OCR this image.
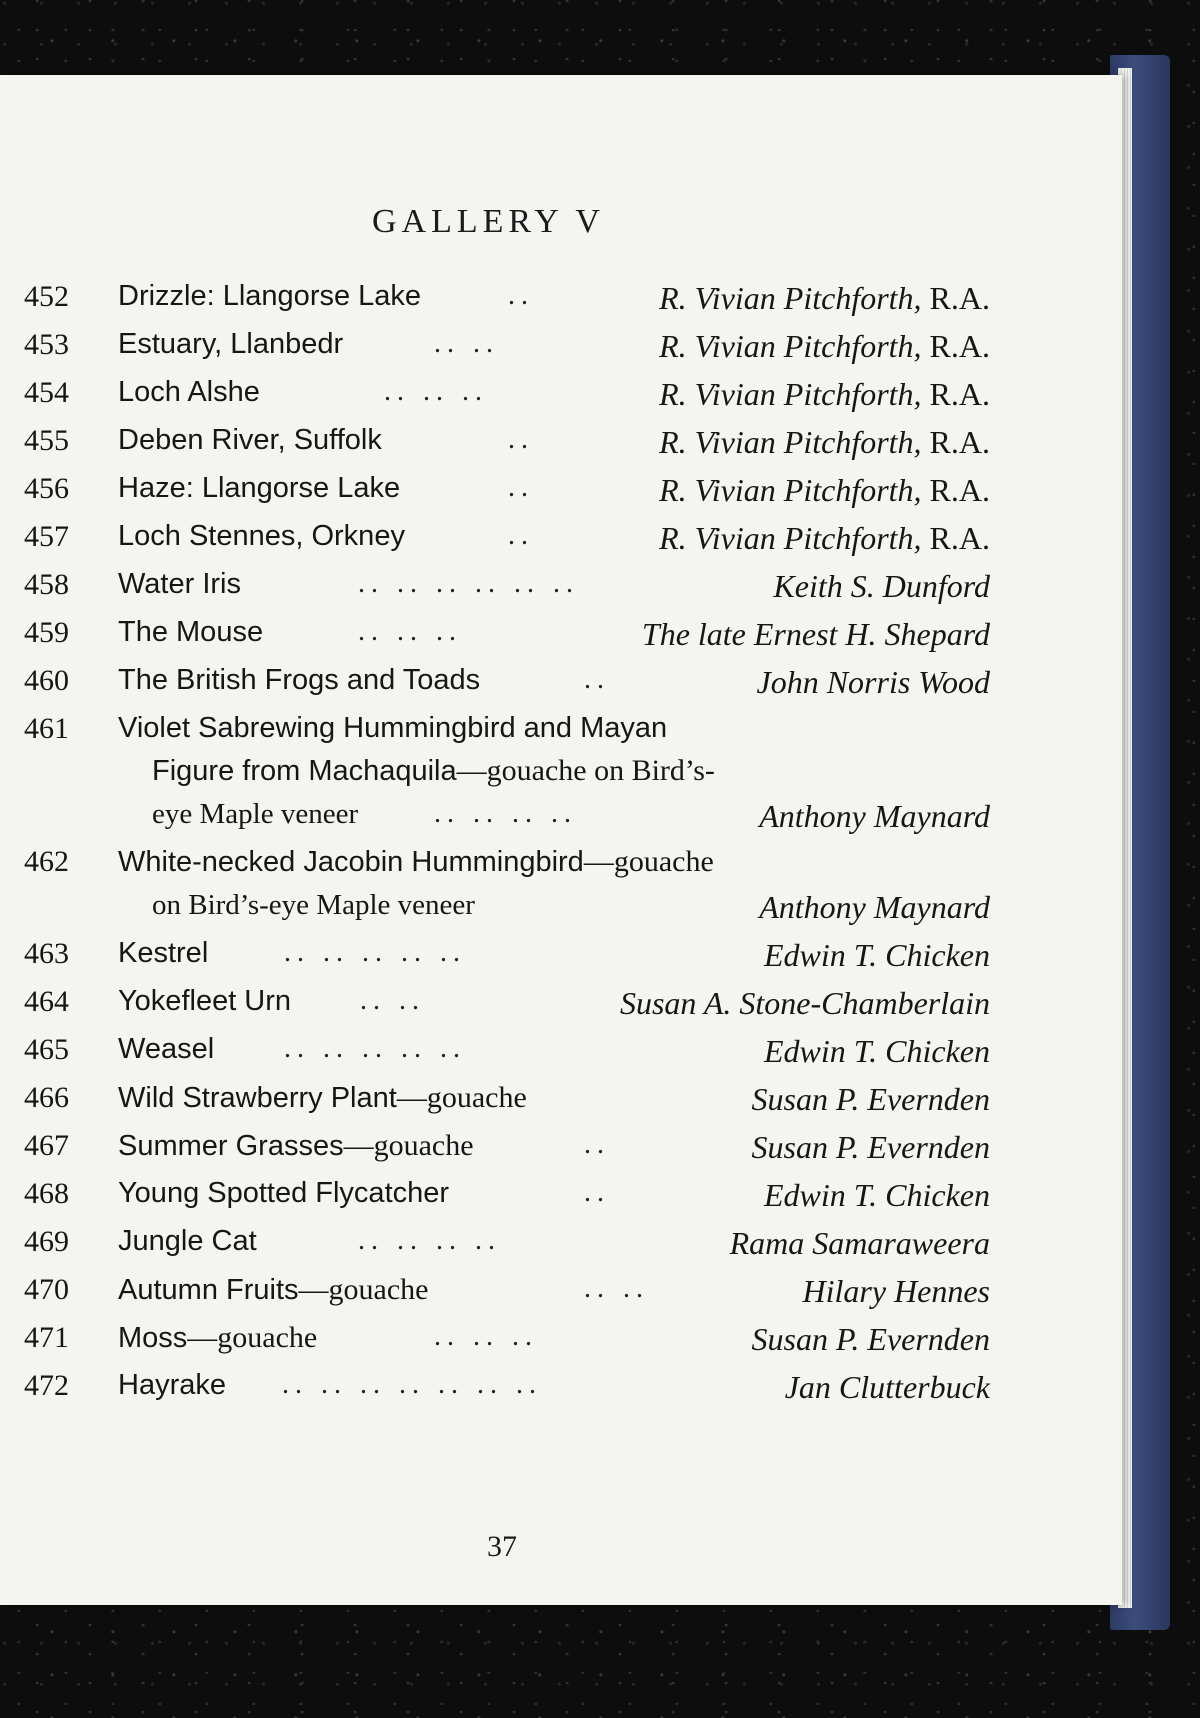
GALLERY V
452	Drizzle: Llangorse Lake	..	R. Vivian Pitchforth, R.A.
453	Estuary, Llanbedr	.. ..	R. Vivian Pitchforth, R.A.
454	Loch Alshe	.. .. ..	R. Vivian Pitchforth, R.A.
455	Deben River, Suffolk	..	R. Vivian Pitchforth, R.A.
456	Haze: Llangorse Lake	..	R. Vivian Pitchforth, R.A.
457	Loch Stennes, Orkney	..	R. Vivian Pitchforth, R.A.
458	Water Iris	.. .. .. .. .. ..	Keith S. Dunford
459	The Mouse	.. .. ..	The late Ernest H. Shepard
460	The British Frogs and Toads	..	John Norris Wood
461	Violet Sabrewing Hummingbird and Mayan
Figure from Machaquila—gouache on Bird’s-
eye Maple veneer	.. .. .. ..	Anthony Maynard
462	White-necked Jacobin Hummingbird—gouache
on Bird’s-eye Maple veneer	Anthony Maynard
463	Kestrel	.. .. .. .. ..	Edwin T. Chicken
464	Yokefleet Urn .. ..	Susan A. Stone-Chamberlain
465	Weasel .. .. .. .. ..	Edwin T. Chicken
466	Wild Strawberry Plant—gouache	Susan P. Evernden
467	Summer Grasses—gouache	..	Susan P. Evernden
468	Young Spotted Flycatcher	..	Edwin T. Chicken
469	Jungle Cat	.. .. .. ..	Rama Samaraweera
470	Autumn Fruits—gouache	.. ..	Hilary Hennes
471	Moss—gouache	.. .. ..	Susan P. Evernden
472	Hayrake .. .. .. .. .. .. ..	Jan Clutterbuck
37
